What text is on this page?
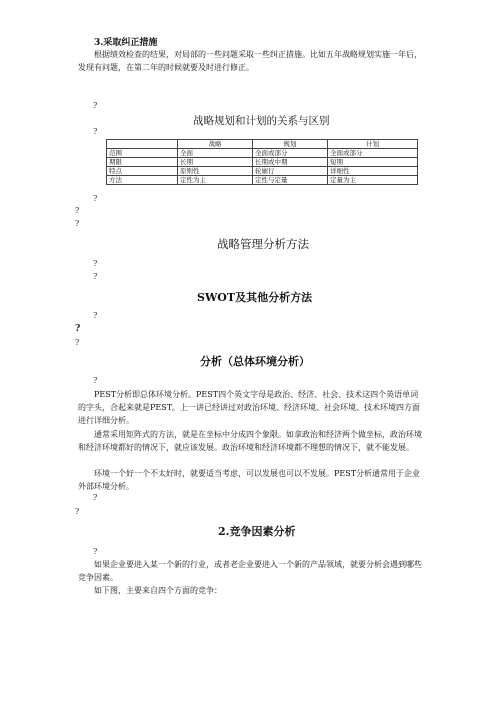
3.采取纠正措施
根据绩效检查的结果，对局部的一些问题采取一些纠正措施。比如五年战略规划实施一年后，发现有问题，在第二年的时候就要及时进行修正。
?
战略规划和计划的关系与区别
?
	战略	规划	计划
范围	全面	全面或部分	全面或部分
期限	长期	长期或中期	短期
特点	原则性	轮廓行	详细性
方法	定性为主	定性与定量	定量为主
?
?
?
战略管理分析方法
?
?
SWOT及其他分析方法
?
?
?
分析（总体环境分析）
?
PEST分析即总体环境分析。PEST四个英文字母是政治、经济、社会、技术这四个英语单词的字头，合起来就是PEST。上一讲已经讲过对政治环境、经济环境、社会环境、技术环境四方面进行详细分析。
通常采用矩阵式的方法，就是在坐标中分成四个象限。如拿政治和经济两个做坐标，政治环境和经济环境都好的情况下，就应该发展。政治环境和经济环境都不理想的情况下，就不能发展。
环境一个好一个不太好时，就要适当考虑，可以发展也可以不发展。PEST分析通常用于企业外部环境分析。
?
?
2.竞争因素分析
?
如果企业要进入某一个新的行业，或者老企业要进入一个新的产品领域，就要分析会遇到哪些竞争因素。
如下图，主要来自四个方面的竞争：
